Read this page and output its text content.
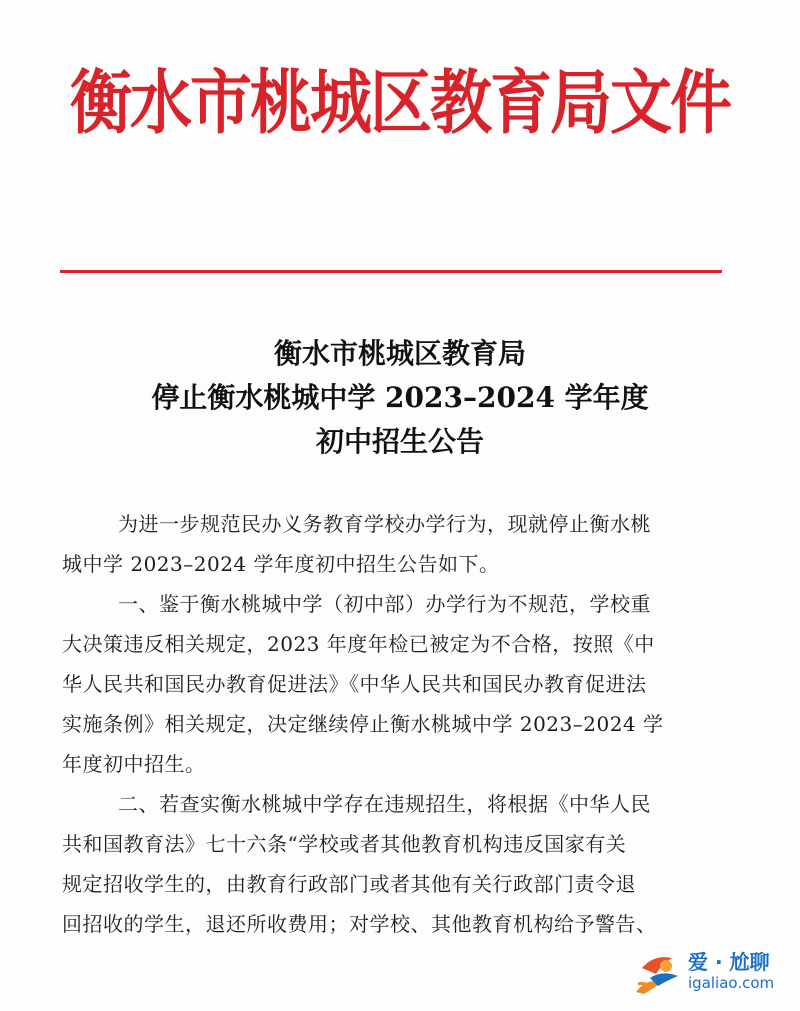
衡水市桃城区教育局文件
衡水市桃城区教育局
停止衡水桃城中学 2023–2024 学年度
初中招生公告
为进一步规范民办义务教育学校办学行为，现就停止衡水桃
城中学 2023–2024 学年度初中招生公告如下。
一、鉴于衡水桃城中学（初中部）办学行为不规范，学校重
大决策违反相关规定，2023 年度年检已被定为不合格，按照《中
华人民共和国民办教育促进法》《中华人民共和国民办教育促进法
实施条例》相关规定，决定继续停止衡水桃城中学 2023–2024 学
年度初中招生。
二、若查实衡水桃城中学存在违规招生，将根据《中华人民
共和国教育法》七十六条“学校或者其他教育机构违反国家有关
规定招收学生的，由教育行政部门或者其他有关行政部门责令退
回招收的学生，退还所收费用；对学校、其他教育机构给予警告、
爱 · 尬聊
igaliao.com
